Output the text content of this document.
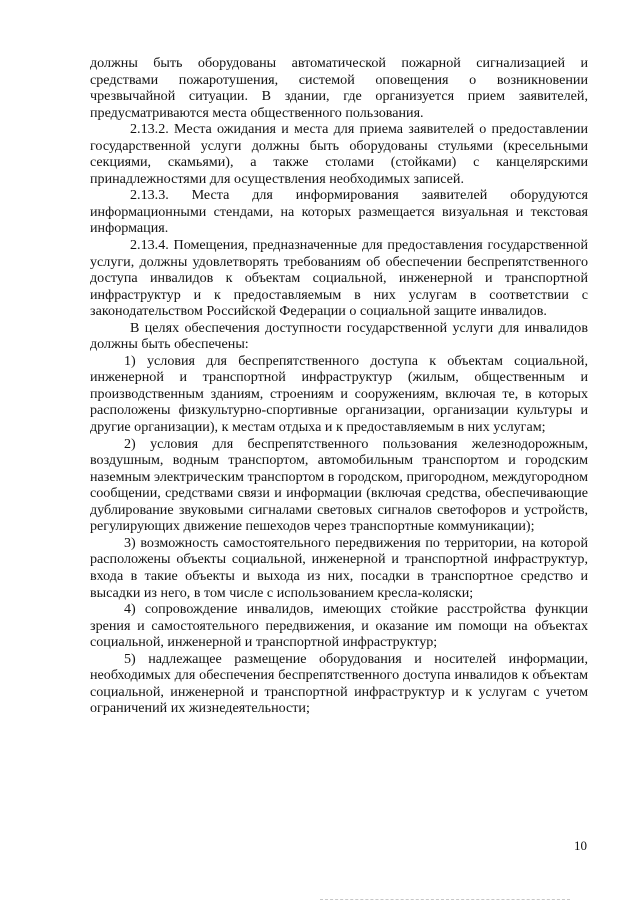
должны быть оборудованы автоматической пожарной сигнализацией и средствами пожаротушения, системой оповещения о возникновении чрезвычайной ситуации. В здании, где организуется прием заявителей, предусматриваются места общественного пользования.

2.13.2. Места ожидания и места для приема заявителей о предоставлении государственной услуги должны быть оборудованы стульями (кресельными секциями, скамьями), а также столами (стойками) с канцелярскими принадлежностями для осуществления необходимых записей.

2.13.3. Места для информирования заявителей оборудуются информационными стендами, на которых размещается визуальная и текстовая информация.

2.13.4. Помещения, предназначенные для предоставления государственной услуги, должны удовлетворять требованиям об обеспечении беспрепятственного доступа инвалидов к объектам социальной, инженерной и транспортной инфраструктур и к предоставляемым в них услугам в соответствии с законодательством Российской Федерации о социальной защите инвалидов.

В целях обеспечения доступности государственной услуги для инвалидов должны быть обеспечены:

1) условия для беспрепятственного доступа к объектам социальной, инженерной и транспортной инфраструктур (жилым, общественным и производственным зданиям, строениям и сооружениям, включая те, в которых расположены физкультурно-спортивные организации, организации культуры и другие организации), к местам отдыха и к предоставляемым в них услугам;

2) условия для беспрепятственного пользования железнодорожным, воздушным, водным транспортом, автомобильным транспортом и городским наземным электрическим транспортом в городском, пригородном, междугородном сообщении, средствами связи и информации (включая средства, обеспечивающие дублирование звуковыми сигналами световых сигналов светофоров и устройств, регулирующих движение пешеходов через транспортные коммуникации);

3) возможность самостоятельного передвижения по территории, на которой расположены объекты социальной, инженерной и транспортной инфраструктур, входа в такие объекты и выхода из них, посадки в транспортное средство и высадки из него, в том числе с использованием кресла-коляски;

4) сопровождение инвалидов, имеющих стойкие расстройства функции зрения и самостоятельного передвижения, и оказание им помощи на объектах социальной, инженерной и транспортной инфраструктур;

5) надлежащее размещение оборудования и носителей информации, необходимых для обеспечения беспрепятственного доступа инвалидов к объектам социальной, инженерной и транспортной инфраструктур и к услугам с учетом ограничений их жизнедеятельности;

10
